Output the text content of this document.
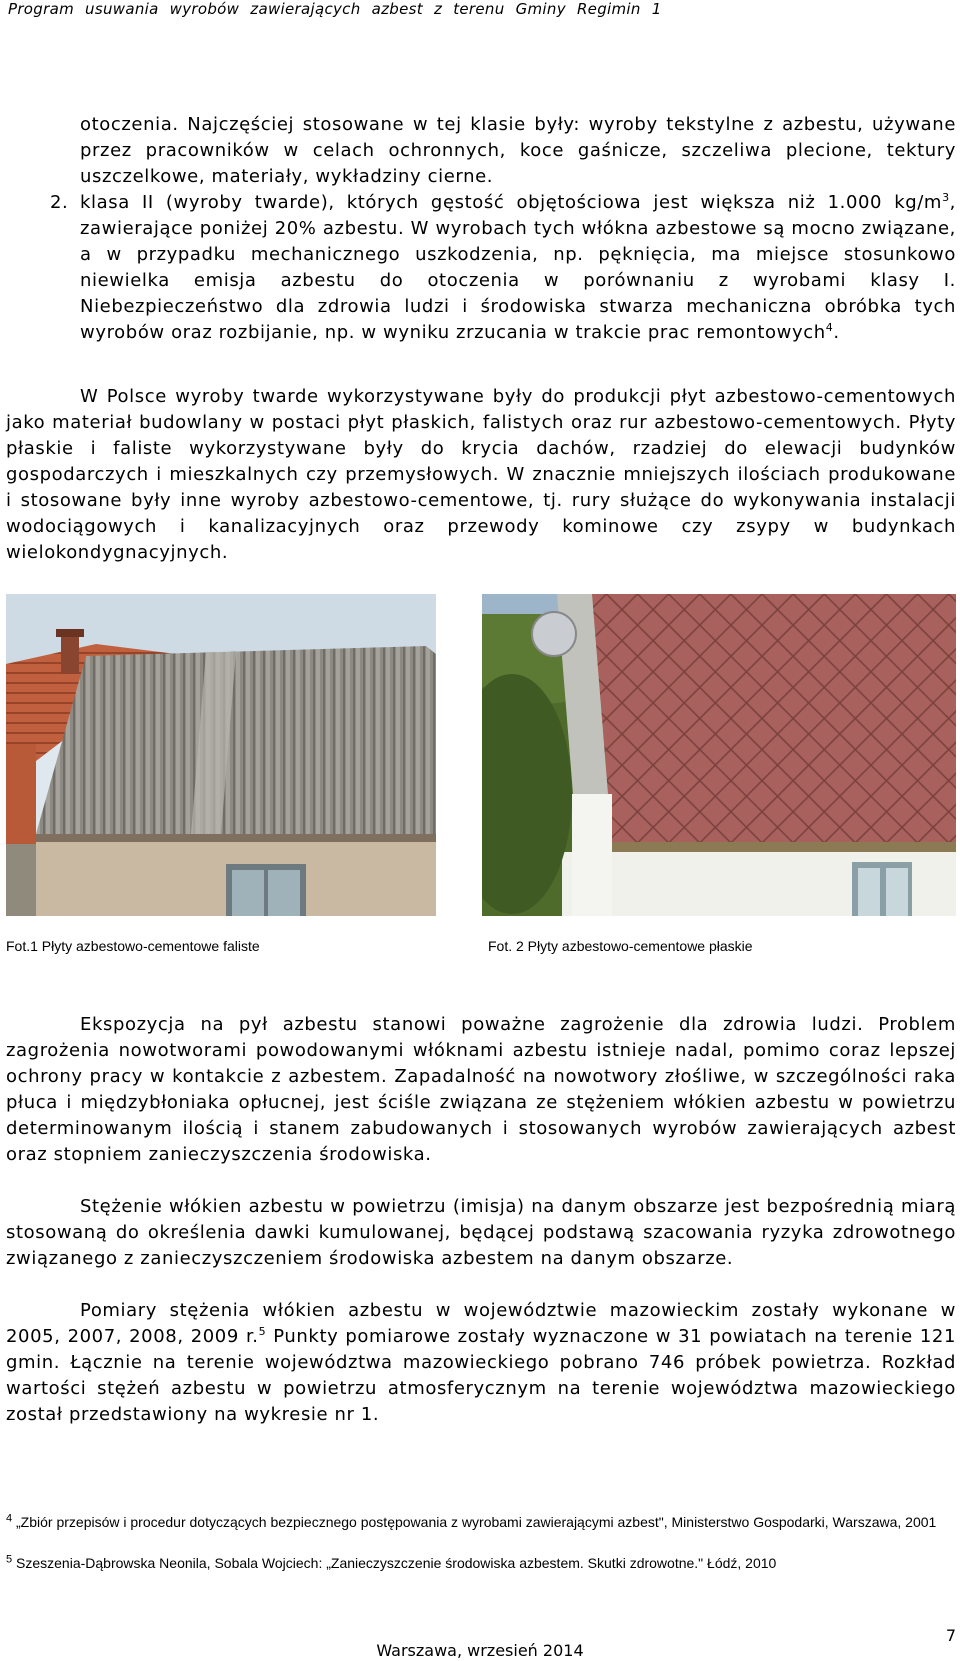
Program usuwania wyrobów zawierających azbest z terenu Gminy Regimin 1
otoczenia. Najczęściej stosowane w tej klasie były: wyroby tekstylne z azbestu, używane przez pracowników w celach ochronnych, koce gaśnicze, szczeliwa plecione, tektury uszczelkowe, materiały, wykładziny cierne.
2. klasa II (wyroby twarde), których gęstość objętościowa jest większa niż 1.000 $kg/m^3$, zawierające poniżej 20% azbestu. W wyrobach tych włókna azbestowe są mocno związane, a w przypadku mechanicznego uszkodzenia, np. pęknięcia, ma miejsce stosunkowo niewielka emisja azbestu do otoczenia w porównaniu z wyrobami klasy I. Niebezpieczeństwo dla zdrowia ludzi i środowiska stwarza mechaniczna obróbka tych wyrobów oraz rozbijanie, np. w wyniku zrzucania w trakcie prac remontowych$^4$.
W Polsce wyroby twarde wykorzystywane były do produkcji płyt azbestowo-cementowych jako materiał budowlany w postaci płyt płaskich, falistych oraz rur azbestowo-cementowych. Płyty płaskie i faliste wykorzystywane były do krycia dachów, rzadziej do elewacji budynków gospodarczych i mieszkalnych czy przemysłowych. W znacznie mniejszych ilościach produkowane i stosowane były inne wyroby azbestowo-cementowe, tj. rury służące do wykonywania instalacji wodociągowych i kanalizacyjnych oraz przewody kominowe czy zsypy w budynkach wielokondygnacyjnych.
Fot.1 Płyty azbestowo-cementowe faliste	Fot. 2 Płyty azbestowo-cementowe płaskie
Ekspozycja na pył azbestu stanowi poważne zagrożenie dla zdrowia ludzi. Problem zagrożenia nowotworami powodowanymi włóknami azbestu istnieje nadal, pomimo coraz lepszej ochrony pracy w kontakcie z azbestem. Zapadalność na nowotwory złośliwe, w szczególności raka płuca i międzybłoniaka opłucnej, jest ściśle związana ze stężeniem włókien azbestu w powietrzu determinowanym ilością i stanem zabudowanych i stosowanych wyrobów zawierających azbest oraz stopniem zanieczyszczenia środowiska.
Stężenie włókien azbestu w powietrzu (imisja) na danym obszarze jest bezpośrednią miarą stosowaną do określenia dawki kumulowanej, będącej podstawą szacowania ryzyka zdrowotnego związanego z zanieczyszczeniem środowiska azbestem na danym obszarze.
Pomiary stężenia włókien azbestu w województwie mazowieckim zostały wykonane w 2005, 2007, 2008, 2009 r.$^5$ Punkty pomiarowe zostały wyznaczone w 31 powiatach na terenie 121 gmin. Łącznie na terenie województwa mazowieckiego pobrano 746 próbek powietrza. Rozkład wartości stężeń azbestu w powietrzu atmosferycznym na terenie województwa mazowieckiego został przedstawiony na wykresie nr 1.
$^4$ „Zbiór przepisów i procedur dotyczących bezpiecznego postępowania z wyrobami zawierającymi azbest", Ministerstwo Gospodarki, Warszawa, 2001
$^5$ Szeszenia-Dąbrowska Neonila, Sobala Wojciech: „Zanieczyszczenie środowiska azbestem. Skutki zdrowotne." Łódź, 2010
7
Warszawa, wrzesień 2014
